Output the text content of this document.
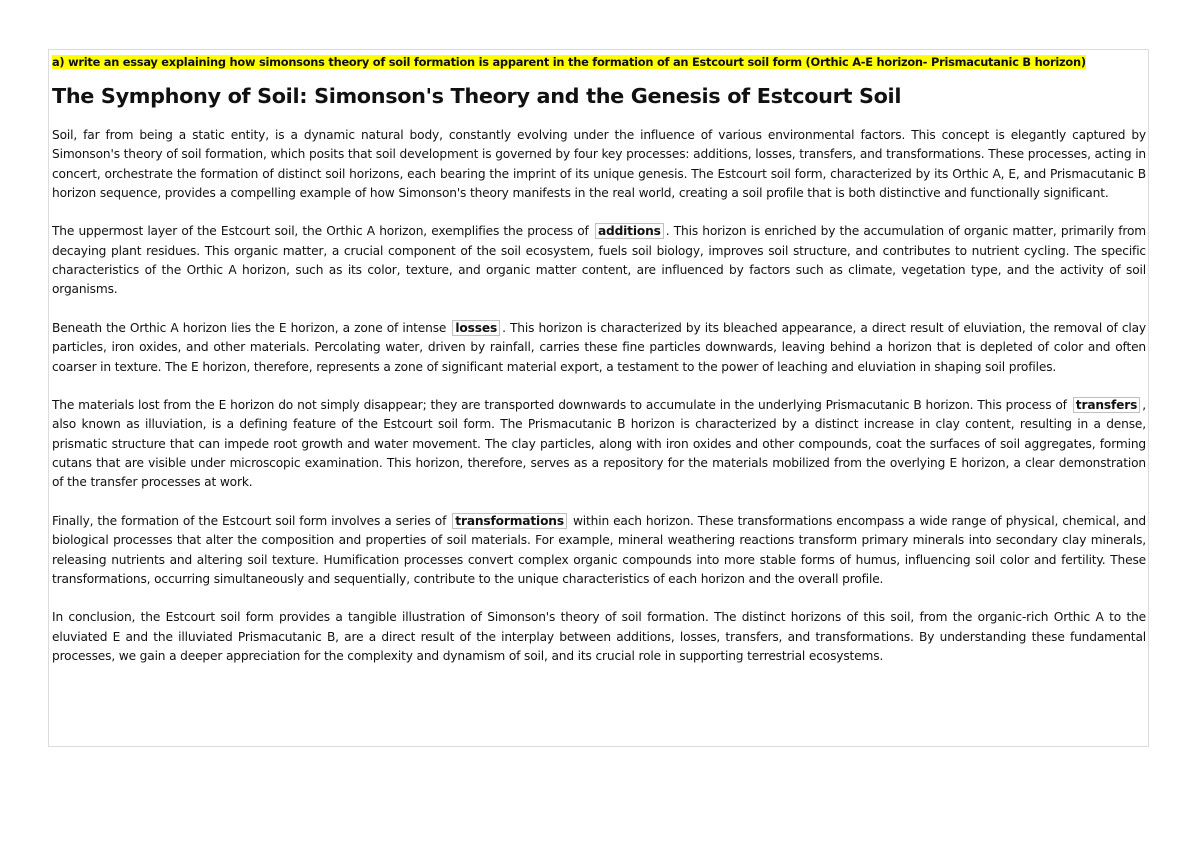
a) write an essay explaining how simonsons theory of soil formation is apparent in the formation of an Estcourt soil form (Orthic A-E horizon- Prismacutanic B horizon)

The Symphony of Soil: Simonson's Theory and the Genesis of Estcourt Soil

Soil, far from being a static entity, is a dynamic natural body, constantly evolving under the influence of various environmental factors. This concept is elegantly captured by Simonson's theory of soil formation, which posits that soil development is governed by four key processes: additions, losses, transfers, and transformations. These processes, acting in concert, orchestrate the formation of distinct soil horizons, each bearing the imprint of its unique genesis. The Estcourt soil form, characterized by its Orthic A, E, and Prismacutanic B horizon sequence, provides a compelling example of how Simonson's theory manifests in the real world, creating a soil profile that is both distinctive and functionally significant.

The uppermost layer of the Estcourt soil, the Orthic A horizon, exemplifies the process of additions . This horizon is enriched by the accumulation of organic matter, primarily from decaying plant residues. This organic matter, a crucial component of the soil ecosystem, fuels soil biology, improves soil structure, and contributes to nutrient cycling. The specific characteristics of the Orthic A horizon, such as its color, texture, and organic matter content, are influenced by factors such as climate, vegetation type, and the activity of soil organisms.

Beneath the Orthic A horizon lies the E horizon, a zone of intense losses . This horizon is characterized by its bleached appearance, a direct result of eluviation, the removal of clay particles, iron oxides, and other materials. Percolating water, driven by rainfall, carries these fine particles downwards, leaving behind a horizon that is depleted of color and often coarser in texture. The E horizon, therefore, represents a zone of significant material export, a testament to the power of leaching and eluviation in shaping soil profiles.

The materials lost from the E horizon do not simply disappear; they are transported downwards to accumulate in the underlying Prismacutanic B horizon. This process of transfers , also known as illuviation, is a defining feature of the Estcourt soil form. The Prismacutanic B horizon is characterized by a distinct increase in clay content, resulting in a dense, prismatic structure that can impede root growth and water movement. The clay particles, along with iron oxides and other compounds, coat the surfaces of soil aggregates, forming cutans that are visible under microscopic examination. This horizon, therefore, serves as a repository for the materials mobilized from the overlying E horizon, a clear demonstration of the transfer processes at work.

Finally, the formation of the Estcourt soil form involves a series of transformations within each horizon. These transformations encompass a wide range of physical, chemical, and biological processes that alter the composition and properties of soil materials. For example, mineral weathering reactions transform primary minerals into secondary clay minerals, releasing nutrients and altering soil texture. Humification processes convert complex organic compounds into more stable forms of humus, influencing soil color and fertility. These transformations, occurring simultaneously and sequentially, contribute to the unique characteristics of each horizon and the overall profile.

In conclusion, the Estcourt soil form provides a tangible illustration of Simonson's theory of soil formation. The distinct horizons of this soil, from the organic-rich Orthic A to the eluviated E and the illuviated Prismacutanic B, are a direct result of the interplay between additions, losses, transfers, and transformations. By understanding these fundamental processes, we gain a deeper appreciation for the complexity and dynamism of soil, and its crucial role in supporting terrestrial ecosystems.
